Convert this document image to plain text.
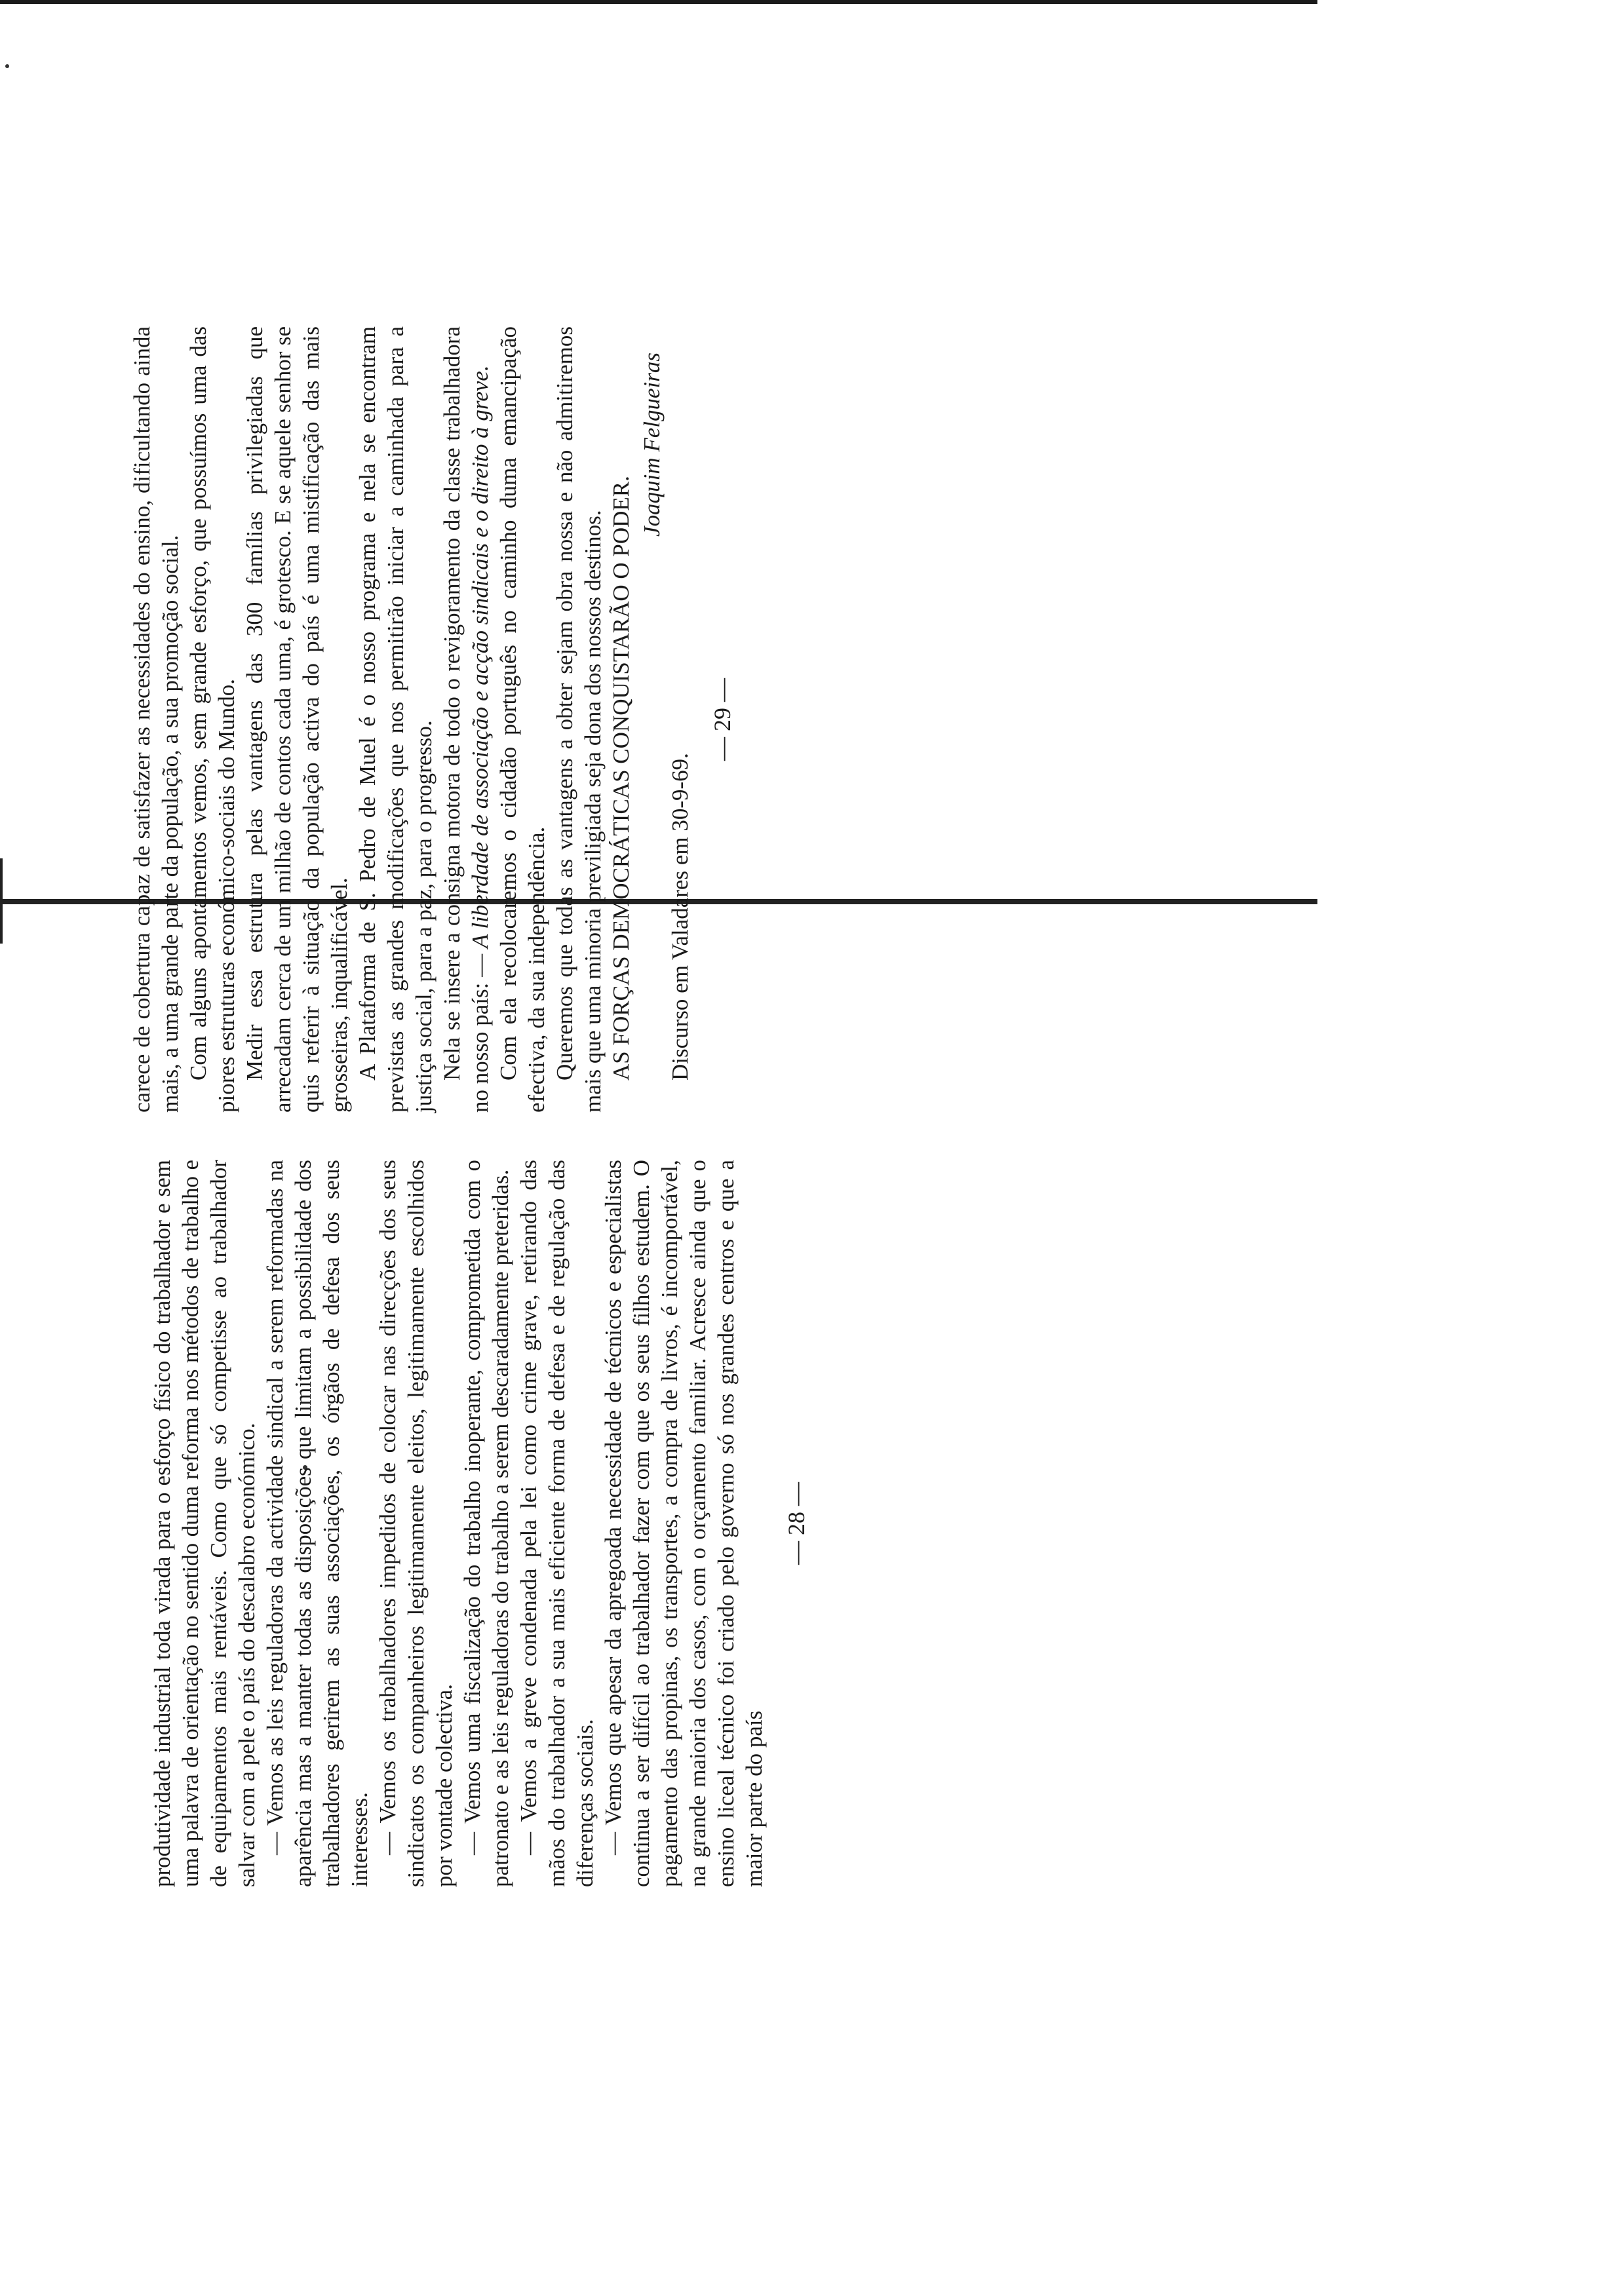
produtividade industrial toda virada para o esforço físico do trabalhador e sem uma palavra de orientação no sentido duma reforma nos métodos de trabalho e de equipamentos mais rentáveis. Como que só competisse ao trabalhador salvar com a pele o país do descalabro económico. — Vemos as leis reguladoras da actividade sindical a serem reformadas na aparência mas a manter todas as disposições que limitam a possibilidade dos trabalhadores gerirem as suas associações, os órgãos de defesa dos seus interesses. — Vemos os trabalhadores impedidos de colocar nas direcções dos seus sindicatos os companheiros legitimamente eleitos, legitimamente escolhidos por vontade colectiva. — Vemos uma fiscalização do trabalho inoperante, comprometida com o patronato e as leis reguladoras do trabalho a serem descaradamente preteridas. — Vemos a greve condenada pela lei como crime grave, retirando das mãos do trabalhador a sua mais eficiente forma de defesa e de regulação das diferenças sociais. — Vemos que apesar da apregoada necessidade de técnicos e especialistas continua a ser difícil ao trabalhador fazer com que os seus filhos estudem. O pagamento das propinas, os transportes, a compra de livros, é incomportável, na grande maioria dos casos, com o orçamento familiar. Acresce ainda que o ensino liceal técnico foi criado pelo governo só nos grandes centros e que a maior parte do país

— 28 —

carece de cobertura capaz de satisfazer as necessidades do ensino, dificultando ainda mais, a uma grande parte da população, a sua promoção social. Com alguns apontamentos vemos, sem grande esforço, que possuímos uma das piores estruturas económico-sociais do Mundo. Medir essa estrutura pelas vantagens das 300 famílias privilegiadas que arrecadam cerca de um milhão de contos cada uma, é grotesco. E se aquele senhor se quis referir à situação da população activa do país é uma mistificação das mais grosseiras, inqualificável. A Plataforma de S. Pedro de Muel é o nosso programa e nela se encontram previstas as grandes modificações que nos permitirão iniciar a caminhada para a justiça social, para a paz, para o progresso. Nela se insere a consigna motora de todo o revigoramento da classe trabalhadora no nosso país: — A liberdade de associação e acção sindicais e o direito à greve. Com ela recolocaremos o cidadão português no caminho duma emancipação efectiva, da sua independência. Queremos que todas as vantagens a obter sejam obra nossa e não admitiremos mais que uma minoria previligiada seja dona dos nossos destinos. AS FORÇAS DEMOCRÁTICAS CONQUISTARÃO O PODER.

Joaquim Felgueiras

Discurso em Valadares em 30-9-69.

— 29 —
